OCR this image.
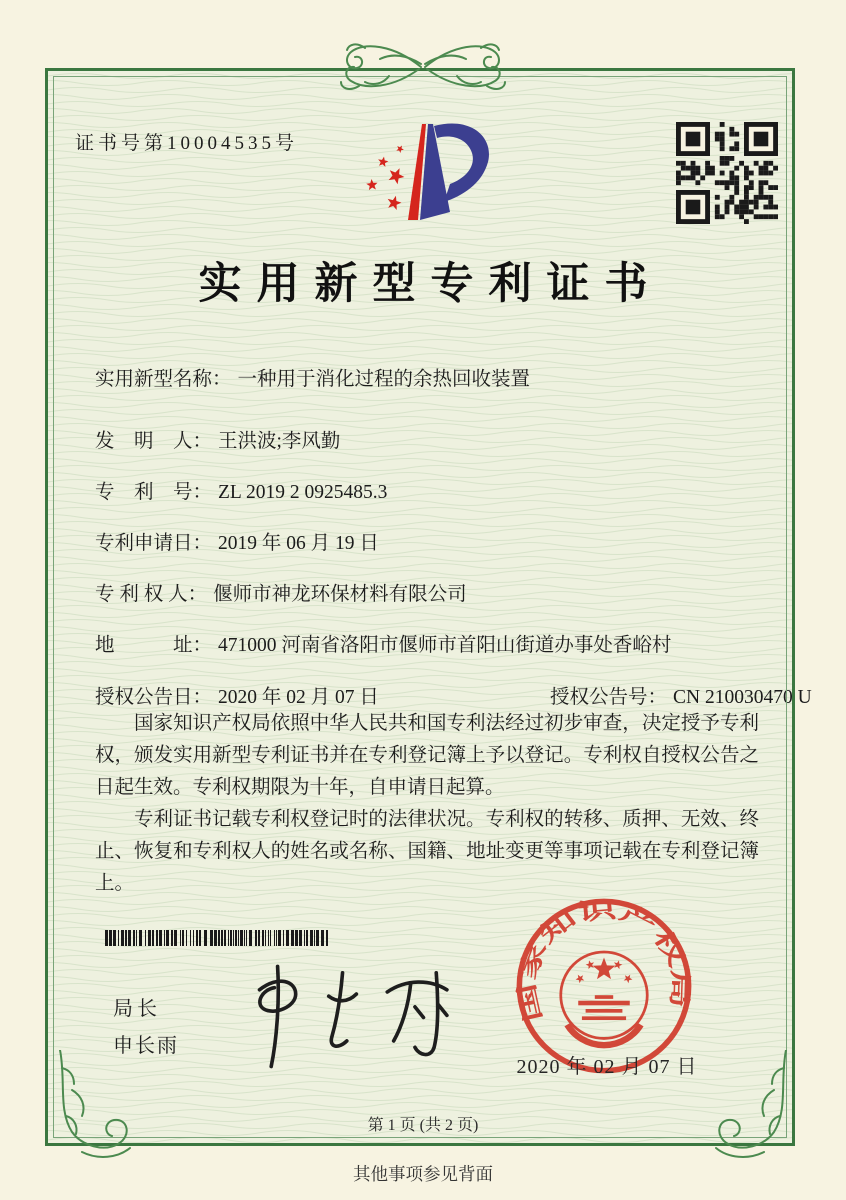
证书号第10004535号
实用新型专利证书
实用新型名称： 一种用于消化过程的余热回收装置
发　明　人： 王洪波;李风勤
专　利　号： ZL 2019 2 0925485.3
专利申请日： 2019 年 06 月 19 日
专 利 权 人： 偃师市神龙环保材料有限公司
地　　　址： 471000 河南省洛阳市偃师市首阳山街道办事处香峪村
授权公告日： 2020 年 02 月 07 日	授权公告号： CN 210030470 U

国家知识产权局依照中华人民共和国专利法经过初步审查，决定授予专利权，颁发实用新型专利证书并在专利登记簿上予以登记。专利权自授权公告之日起生效。专利权期限为十年，自申请日起算。

专利证书记载专利权登记时的法律状况。专利权的转移、质押、无效、终止、恢复和专利权人的姓名或名称、国籍、地址变更等事项记载在专利登记簿上。

局长
申长雨
国家知识产权局
2020 年 02 月 07 日
第 1 页 (共 2 页)
其他事项参见背面
